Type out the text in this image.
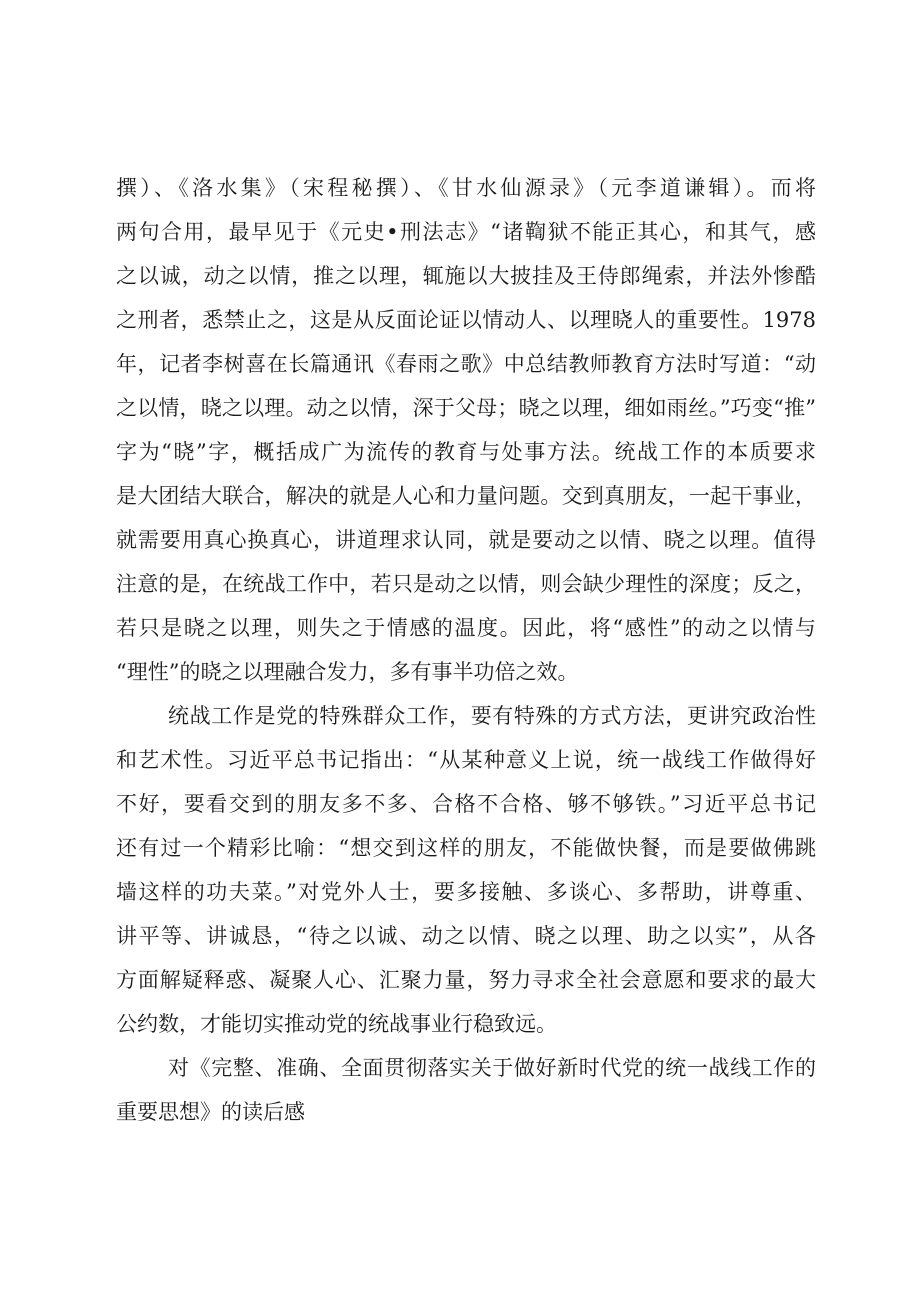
撰）、《洛水集》（宋程秘撰）、《甘水仙源录》（元李道谦辑）。而将
两句合用，最早见于《元史•刑法志》“诸鞫狱不能正其心，和其气，感
之以诚，动之以情，推之以理，辄施以大披挂及王侍郎绳索，并法外惨酷
之刑者，悉禁止之，这是从反面论证以情动人、以理晓人的重要性。1978
年，记者李树喜在长篇通讯《春雨之歌》中总结教师教育方法时写道：“动
之以情，晓之以理。动之以情，深于父母；晓之以理，细如雨丝。”巧变“推”
字为“晓”字，概括成广为流传的教育与处事方法。统战工作的本质要求
是大团结大联合，解决的就是人心和力量问题。交到真朋友，一起干事业，
就需要用真心换真心，讲道理求认同，就是要动之以情、晓之以理。值得
注意的是，在统战工作中，若只是动之以情，则会缺少理性的深度；反之，
若只是晓之以理，则失之于情感的温度。因此，将“感性”的动之以情与
“理性”的晓之以理融合发力，多有事半功倍之效。
统战工作是党的特殊群众工作，要有特殊的方式方法，更讲究政治性
和艺术性。习近平总书记指出：“从某种意义上说，统一战线工作做得好
不好，要看交到的朋友多不多、合格不合格、够不够铁。”习近平总书记
还有过一个精彩比喻：“想交到这样的朋友，不能做快餐，而是要做佛跳
墙这样的功夫菜。”对党外人士，要多接触、多谈心、多帮助，讲尊重、
讲平等、讲诚恳，“待之以诚、动之以情、晓之以理、助之以实”，从各
方面解疑释惑、凝聚人心、汇聚力量，努力寻求全社会意愿和要求的最大
公约数，才能切实推动党的统战事业行稳致远。
对《完整、准确、全面贯彻落实关于做好新时代党的统一战线工作的
重要思想》的读后感
